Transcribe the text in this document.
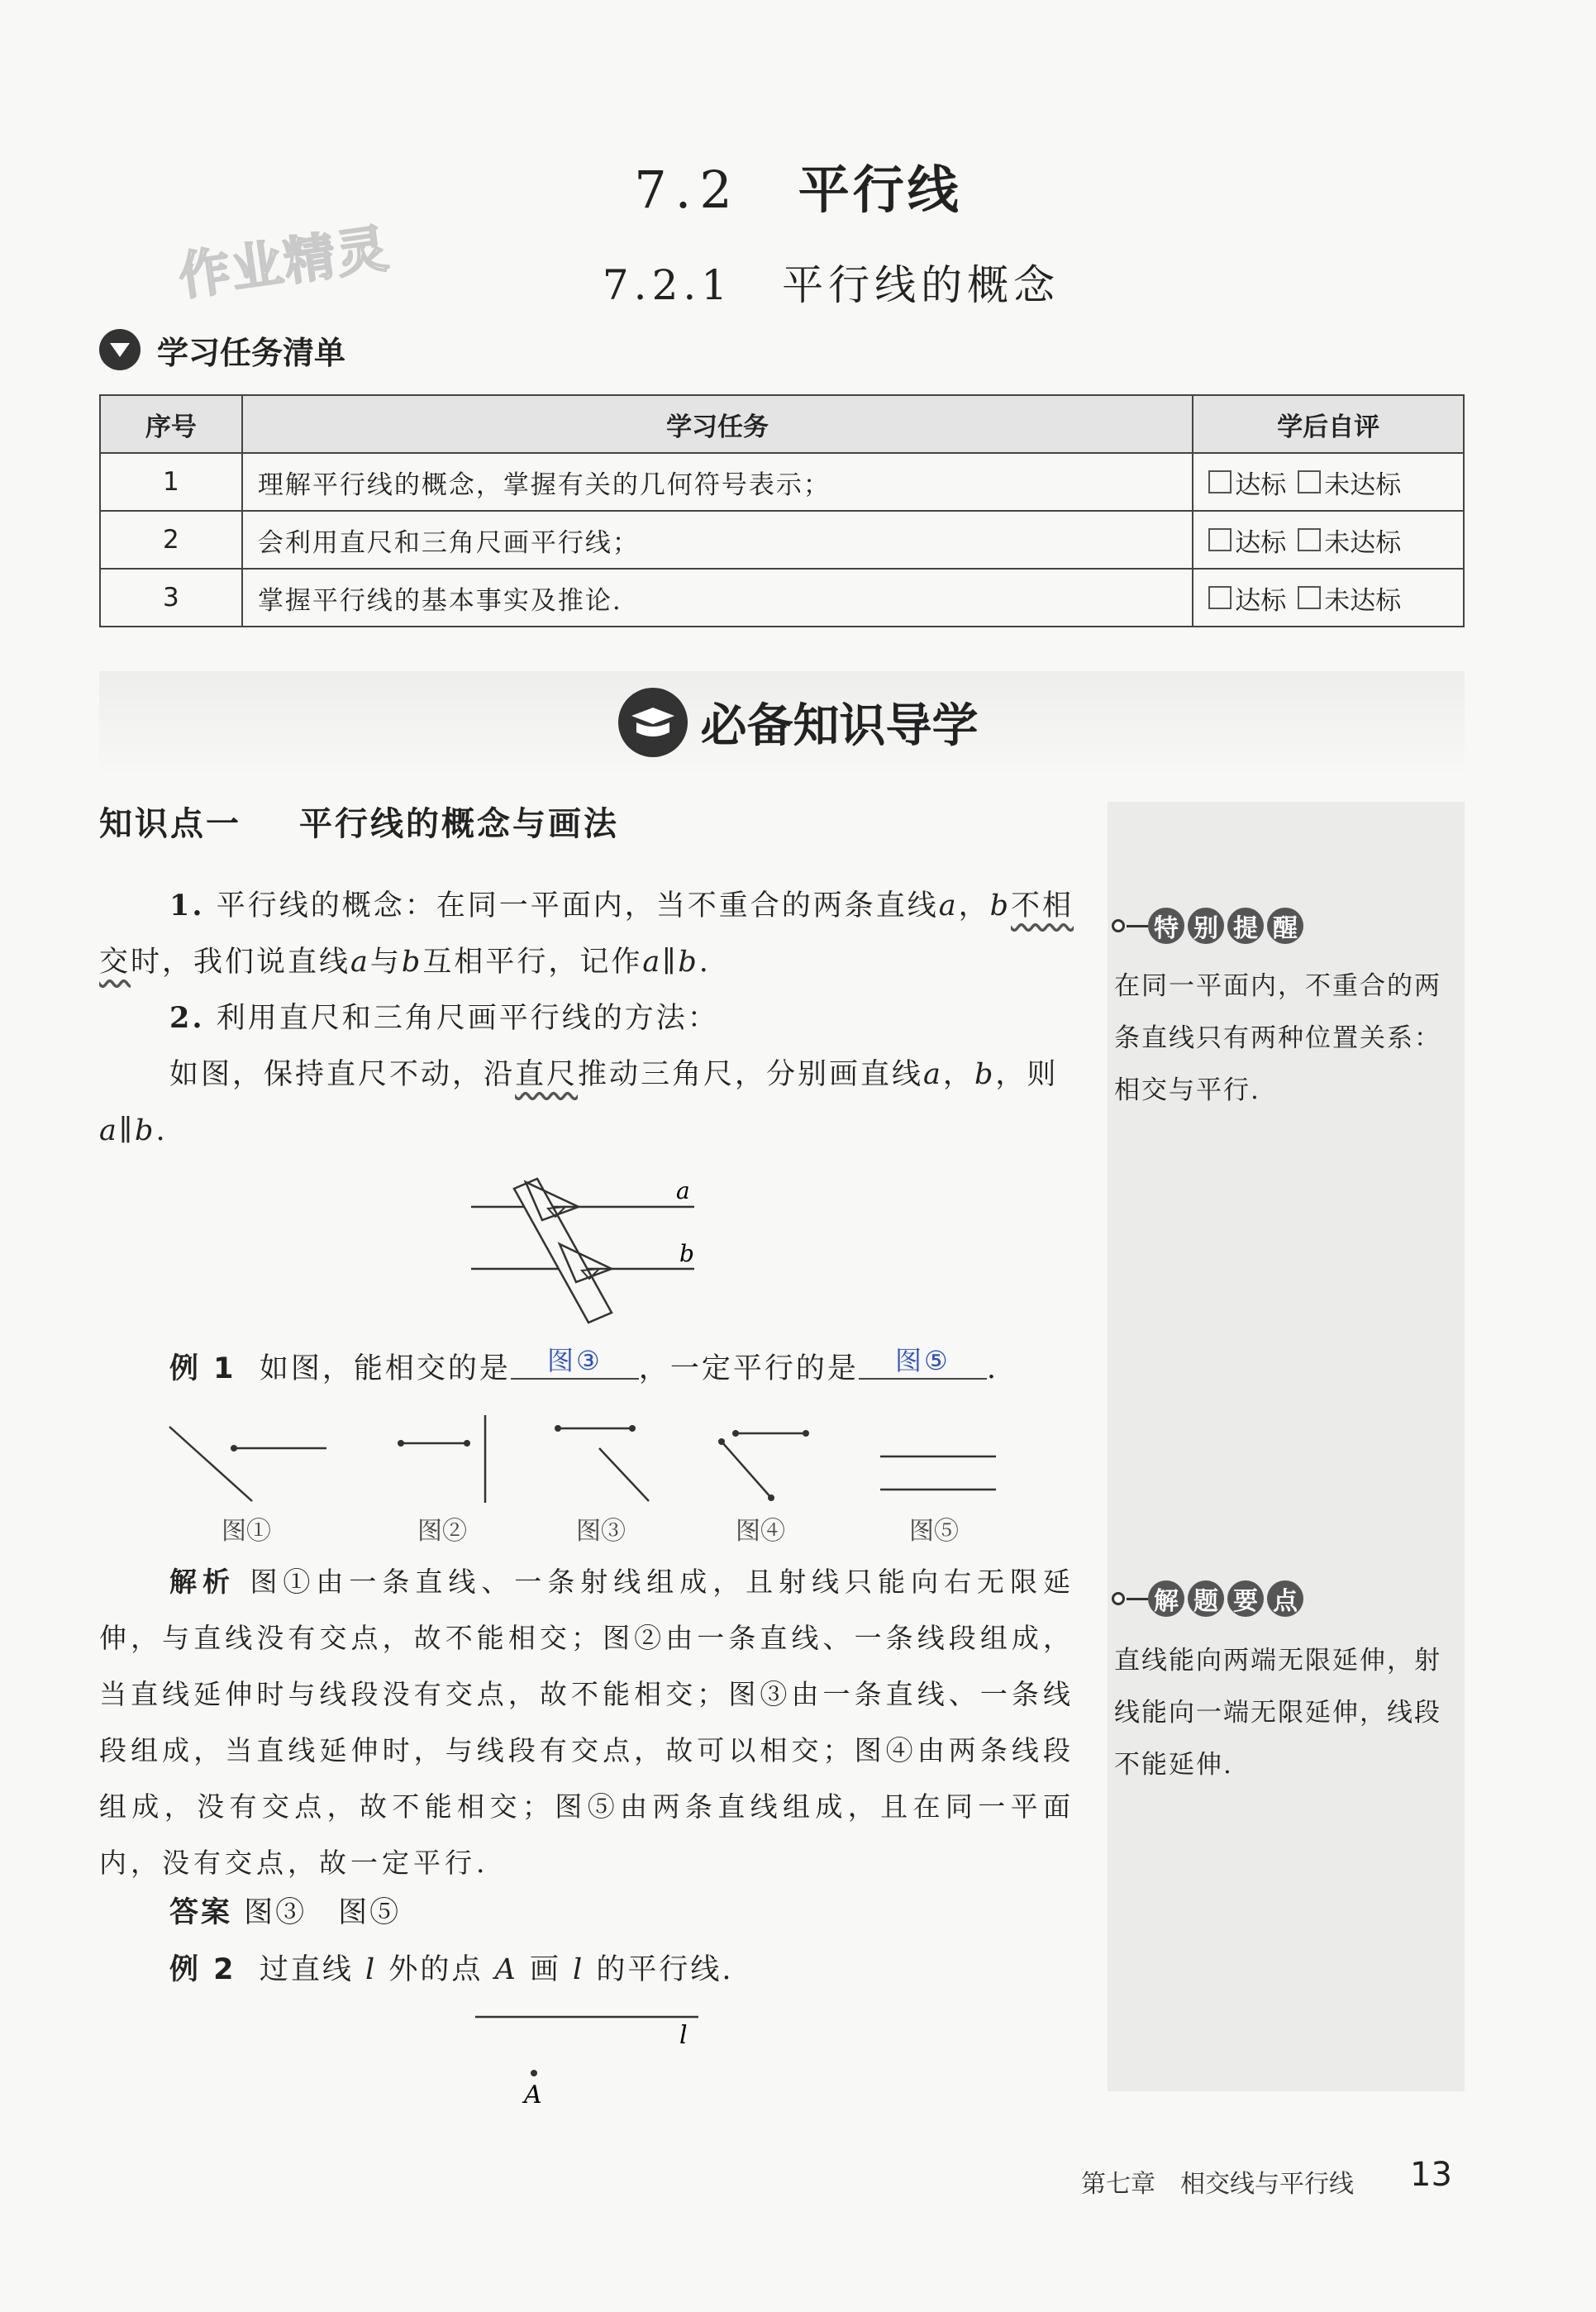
作业精灵
7.2 平行线
7.2.1 平行线的概念
学习任务清单
序号	学习任务	学后自评
1	理解平行线的概念，掌握有关的几何符号表示；	达标 未达标

2	会利用直尺和三角尺画平行线；	达标 未达标

3	掌握平行线的基本事实及推论.	达标 未达标
必备知识导学
特 别 提 醒
在同一平面内，不重合的两条直线只有两种位置关系：相交与平行.
解 题 要 点
直线能向两端无限延伸，射线能向一端无限延伸，线段不能延伸.
知识点一 平行线的概念与画法
1. 平行线的概念：在同一平面内，当不重合的两条直线a，b不相交时，我们说直线a与b互相平行，记作a∥b.
2. 利用直尺和三角尺画平行线的方法：
如图，保持直尺不动，沿直尺推动三角尺，分别画直线a，b，则a∥b.
a
b
例 1 如图，能相交的是 图③ ，一定平行的是 图⑤ .
图①	图②	图③	图④	图⑤
解析 图①由一条直线、一条射线组成，且射线只能向右无限延伸，与直线没有交点，故不能相交；图②由一条直线、一条线段组成，当直线延伸时与线段没有交点，故不能相交；图③由一条直线、一条线段组成，当直线延伸时，与线段有交点，故可以相交；图④由两条线段组成，没有交点，故不能相交；图⑤由两条直线组成，且在同一平面内，没有交点，故一定平行.
答案 图③　图⑤
例 2 过直线 l 外的点 A 画 l 的平行线.
l
A
第七章　相交线与平行线 13
